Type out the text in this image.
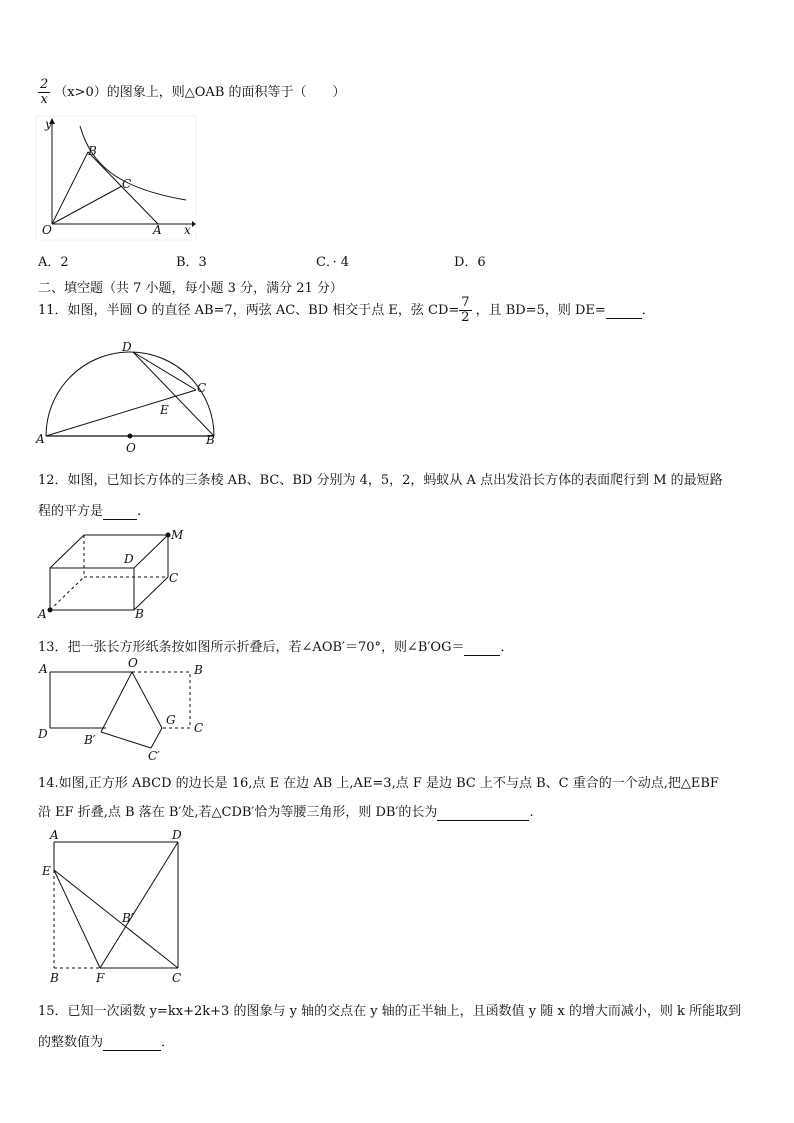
$\frac{2}{x} (x>0)$的图象上，则△OAB 的面积等于（　　）
y
B
C
O	A x
A．2	B．3	C．· 4	D．6
二、填空题（共 7 小题，每小题 3 分，满分 21 分）
11．如图，半圆 O 的直径 AB=7，两弦 AC、BD 相交于点 E，弦 $CD= \frac{7}{2}$ ，且 BD=5，则 DE=	．
D
C
E
A
O
B
12．如图，已知长方体的三条棱 AB、BC、BD 分别为 4，5，2，蚂蚁从 A 点出发沿长方体的表面爬行到 M 的最短路
程的平方是	.
M
D
C
A	B
13．把一张长方形纸条按如图所示折叠后，若∠AOB′＝70°，则∠B′OG＝	．
A	O	B
G
C
D	B′
C′
14.如图,正方形 ABCD 的边长是 16,点 E 在边 AB 上,AE=3,点 F 是边 BC 上不与点 B、C 重合的一个动点,把△EBF
沿 EF 折叠,点 B 落在 B′处,若△CDB′恰为等腰三角形，则 DB′的长为	.
A	D
E
B′
B	F	C
15．已知一次函数 y=kx+2k+3 的图象与 y 轴的交点在 y 轴的正半轴上，且函数值 y 随 x 的增大而减小，则 k 所能取到
的整数值为	．
